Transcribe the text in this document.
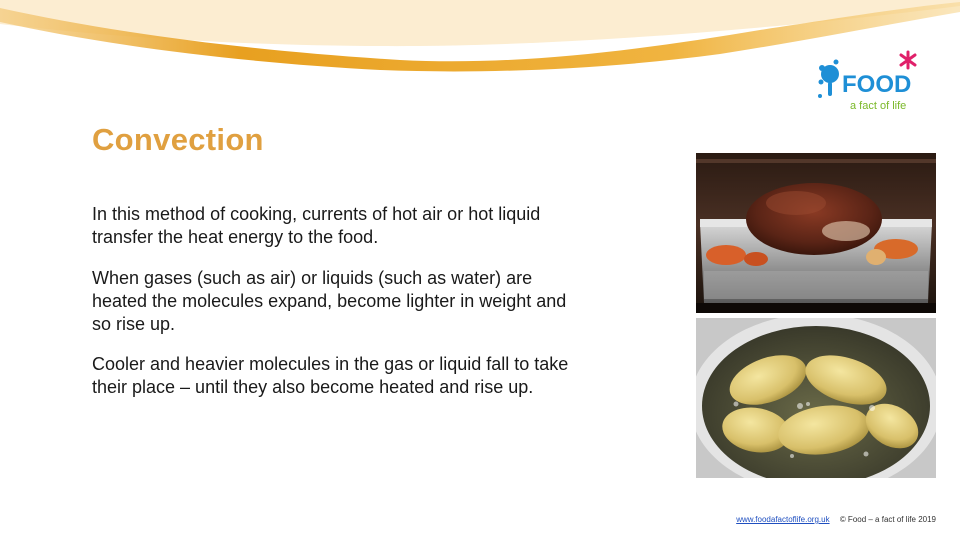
FOOD
a fact of life
Convection

In this method of cooking, currents of hot air or hot liquid transfer the heat energy to the food.

When gases (such as air) or liquids (such as water) are heated the molecules expand, become lighter in weight and so rise up.

Cooler and heavier molecules in the gas or liquid fall to take their place – until they also become heated and rise up.

www.foodafactoflife.org.uk © Food – a fact of life 2019
